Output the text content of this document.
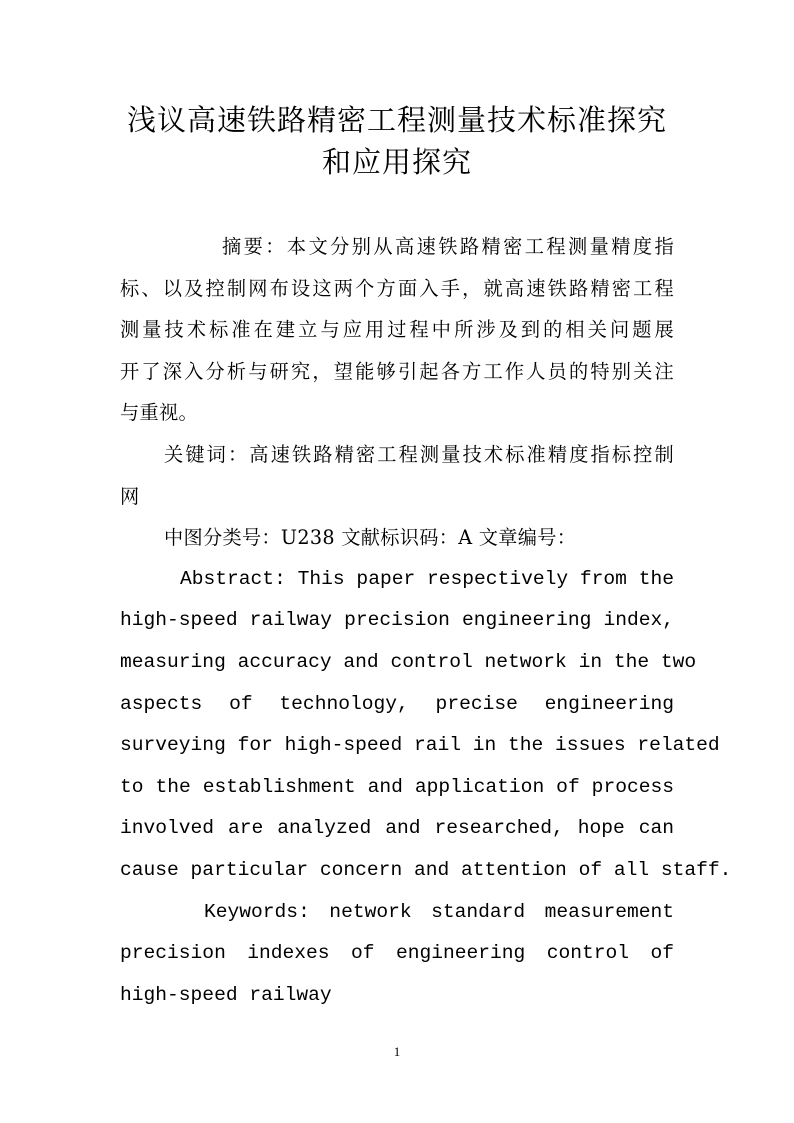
浅议高速铁路精密工程测量技术标准探究
和应用探究
摘要：本文分别从高速铁路精密工程测量精度指
标、以及控制网布设这两个方面入手，就高速铁路精密工程
测量技术标准在建立与应用过程中所涉及到的相关问题展
开了深入分析与研究，望能够引起各方工作人员的特别关注
与重视。
关键词：高速铁路精密工程测量技术标准精度指标控制
网
中图分类号：U238 文献标识码：A 文章编号：
Abstract: This paper respectively from the
high-speed railway precision engineering index,
measuring accuracy and control network in the two
aspects of technology, precise engineering
surveying for high-speed rail in the issues related
to the establishment and application of process
involved are analyzed and researched, hope can
cause particular concern and attention of all staff.
Keywords: network standard measurement
precision indexes of engineering control of
high-speed railway
1
